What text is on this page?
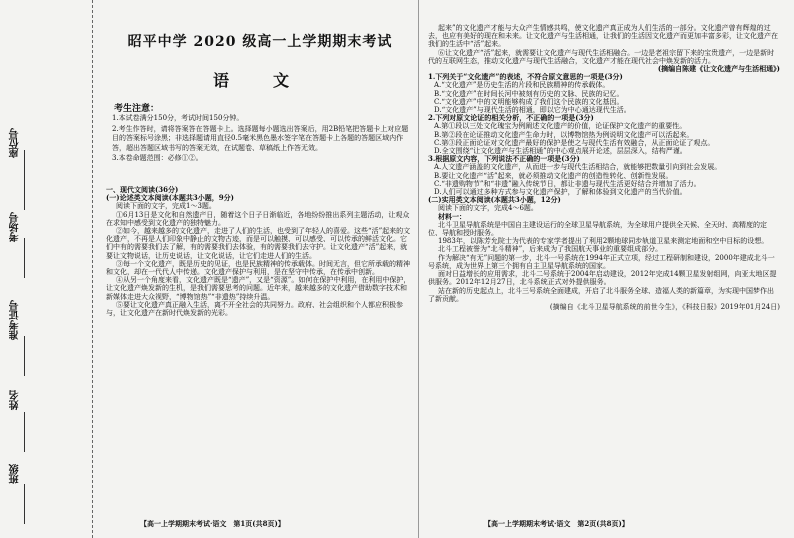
座位号
考场号
准考证号
姓名
班级
昭平中学 2020 级高一上学期期末考试
语　文
考生注意：

1.本试卷满分150分，考试时间150分钟。

2.考生作答时，请将答案答在答题卡上。选择题每小题选出答案后，用2B铅笔把答题卡上对应题目的答案标号涂黑；非选择题请用直径0.5毫米黑色墨水签字笔在答题卡上各题的答题区域内作答，超出答题区域书写的答案无效，在试题卷、草稿纸上作答无效。

3.本卷命题范围：必修①②。

一、现代文阅读(36分)
(一)论述类文本阅读(本题共3小题，9分)

阅读下面的文字，完成1～3题。

①6月13日是文化和自然遗产日，随着这个日子日渐临近，各地纷纷推出系列主题活动，让观众在求知中感受到文化遗产的独特魅力。

②如今，越来越多的文化遗产，走进了人们的生活，也受到了年轻人的喜爱。这些“活”起来的文化遗产，不再是人们印象中静止的文物古迹，而是可以触摸、可以感受、可以传承的鲜活文化。它们中有的需要我们去了解，有的需要我们去体验，有的需要我们去守护。让文化遗产“活”起来，就要让文物说话，让历史说话，让文化说话，让它们走进人们的生活。

③每一个文化遗产，既是历史的见证，也是民族精神的传承载体。时间无言，但它所承载的精神和文化，却在一代代人中传递。文化遗产保护与利用，是在坚守中传承，在传承中创新。

④从另一个角度来看，文化遗产既是“遗产”，又是“资源”。如何在保护中利用，在利用中保护，让文化遗产焕发新的生机，是我们需要思考的问题。近年来，越来越多的文化遗产借助数字技术和新媒体走进大众视野，“博物馆热”“非遗热”持续升温。

⑤要让文化遗产真正融入生活，离不开全社会的共同努力。政府、社会组织和个人都应积极参与，让文化遗产在新时代焕发新的光彩。

【高一上学期期末考试·语文　第1页(共8页)】

起来”的文化遗产才能与大众产生情感共鸣，使文化遗产真正成为人们生活的一部分。文化遗产曾有辉煌的过去，也应有美好的现在和未来。让文化遗产与生活相通，让我们的生活因文化遗产而更加丰富多彩，让文化遗产在我们的生活中“活”起来。

⑥让文化遗产“活”起来，就需要让文化遗产与现代生活相融合。一边是老祖宗留下来的宝贵遗产，一边是新时代的互联网生态，推动文化遗产与现代生活融合，文化遗产才能在现代社会中焕发新的活力。

(摘编自陈建《让文化遗产与生活相通》)

1.下列关于“文化遗产”的表述，不符合原文意思的一项是(3分)

A.“文化遗产”是历史生活的片段和民族精神的传承载体。

B.“文化遗产”在时间长河中被刻有历史的文脉、民族的记忆。

C.“文化遗产”中的文明能够构成了我们这个民族的文化基因。

D.“文化遗产”与现代生活的相通，即以它为中心通达现代生活。

2.下列对原文论证的相关分析，不正确的一项是(3分)

A.第①段以三处文化瑰宝为例阐述文化遗产的价值，论证保护文化遗产的重要性。

B.第②段在论证推动文化遗产生命力时，以博物馆热为例说明文化遗产可以活起来。

C.第③段正面论证对文化遗产最好的保护是使之与现代生活有效融合，从正面论证了观点。

D.全文围绕“让文化遗产与生活相通”的中心观点展开论述，层层深入，结构严谨。

3.根据原文内容，下列说法不正确的一项是(3分)

A.人文遗产涵盖的文化遗产，从而进一步与现代生活相结合，就能够把数量引向到社会发展。

B.要让文化遗产“活”起来，就必须推动文化遗产的创造性转化、创新性发展。

C.“非遗购物节”和“非遗”融入传统节日，都让非遗与现代生活更好结合并增加了活力。

D.人们可以通过多种方式参与文化遗产保护，了解和体验到文化遗产的当代价值。

(二)实用类文本阅读(本题共3小题，12分)

阅读下面的文字，完成4～6题。

材料一：

北斗卫星导航系统是中国自主建设运行的全球卫星导航系统，为全球用户提供全天候、全天时、高精度的定位、导航和授时服务。

1983年，以陈芳允院士为代表的专家学者提出了利用2颗地球同步轨道卫星来测定地面和空中目标的设想。

北斗工程被誉为“北斗精神”，后来成为了我国航天事业的重要组成部分。

作为解决“有无”问题的第一步，北斗一号系统在1994年正式立项，经过工程研制和建设，2000年建成北斗一号系统，成为世界上第三个拥有自主卫星导航系统的国家。

面对日益增长的应用需求，北斗二号系统于2004年启动建设，2012年完成14颗卫星发射组网，向亚太地区提供服务。2012年12月27日，北斗系统正式对外提供服务。

站在新的历史起点上，北斗三号系统全面建成，开启了北斗服务全球、造福人类的新篇章，为实现中国梦作出了新贡献。

(摘编自《北斗卫星导航系统的前世今生》，《科技日报》2019年01月24日)
【高一上学期期末考试·语文　第2页(共8页)】
